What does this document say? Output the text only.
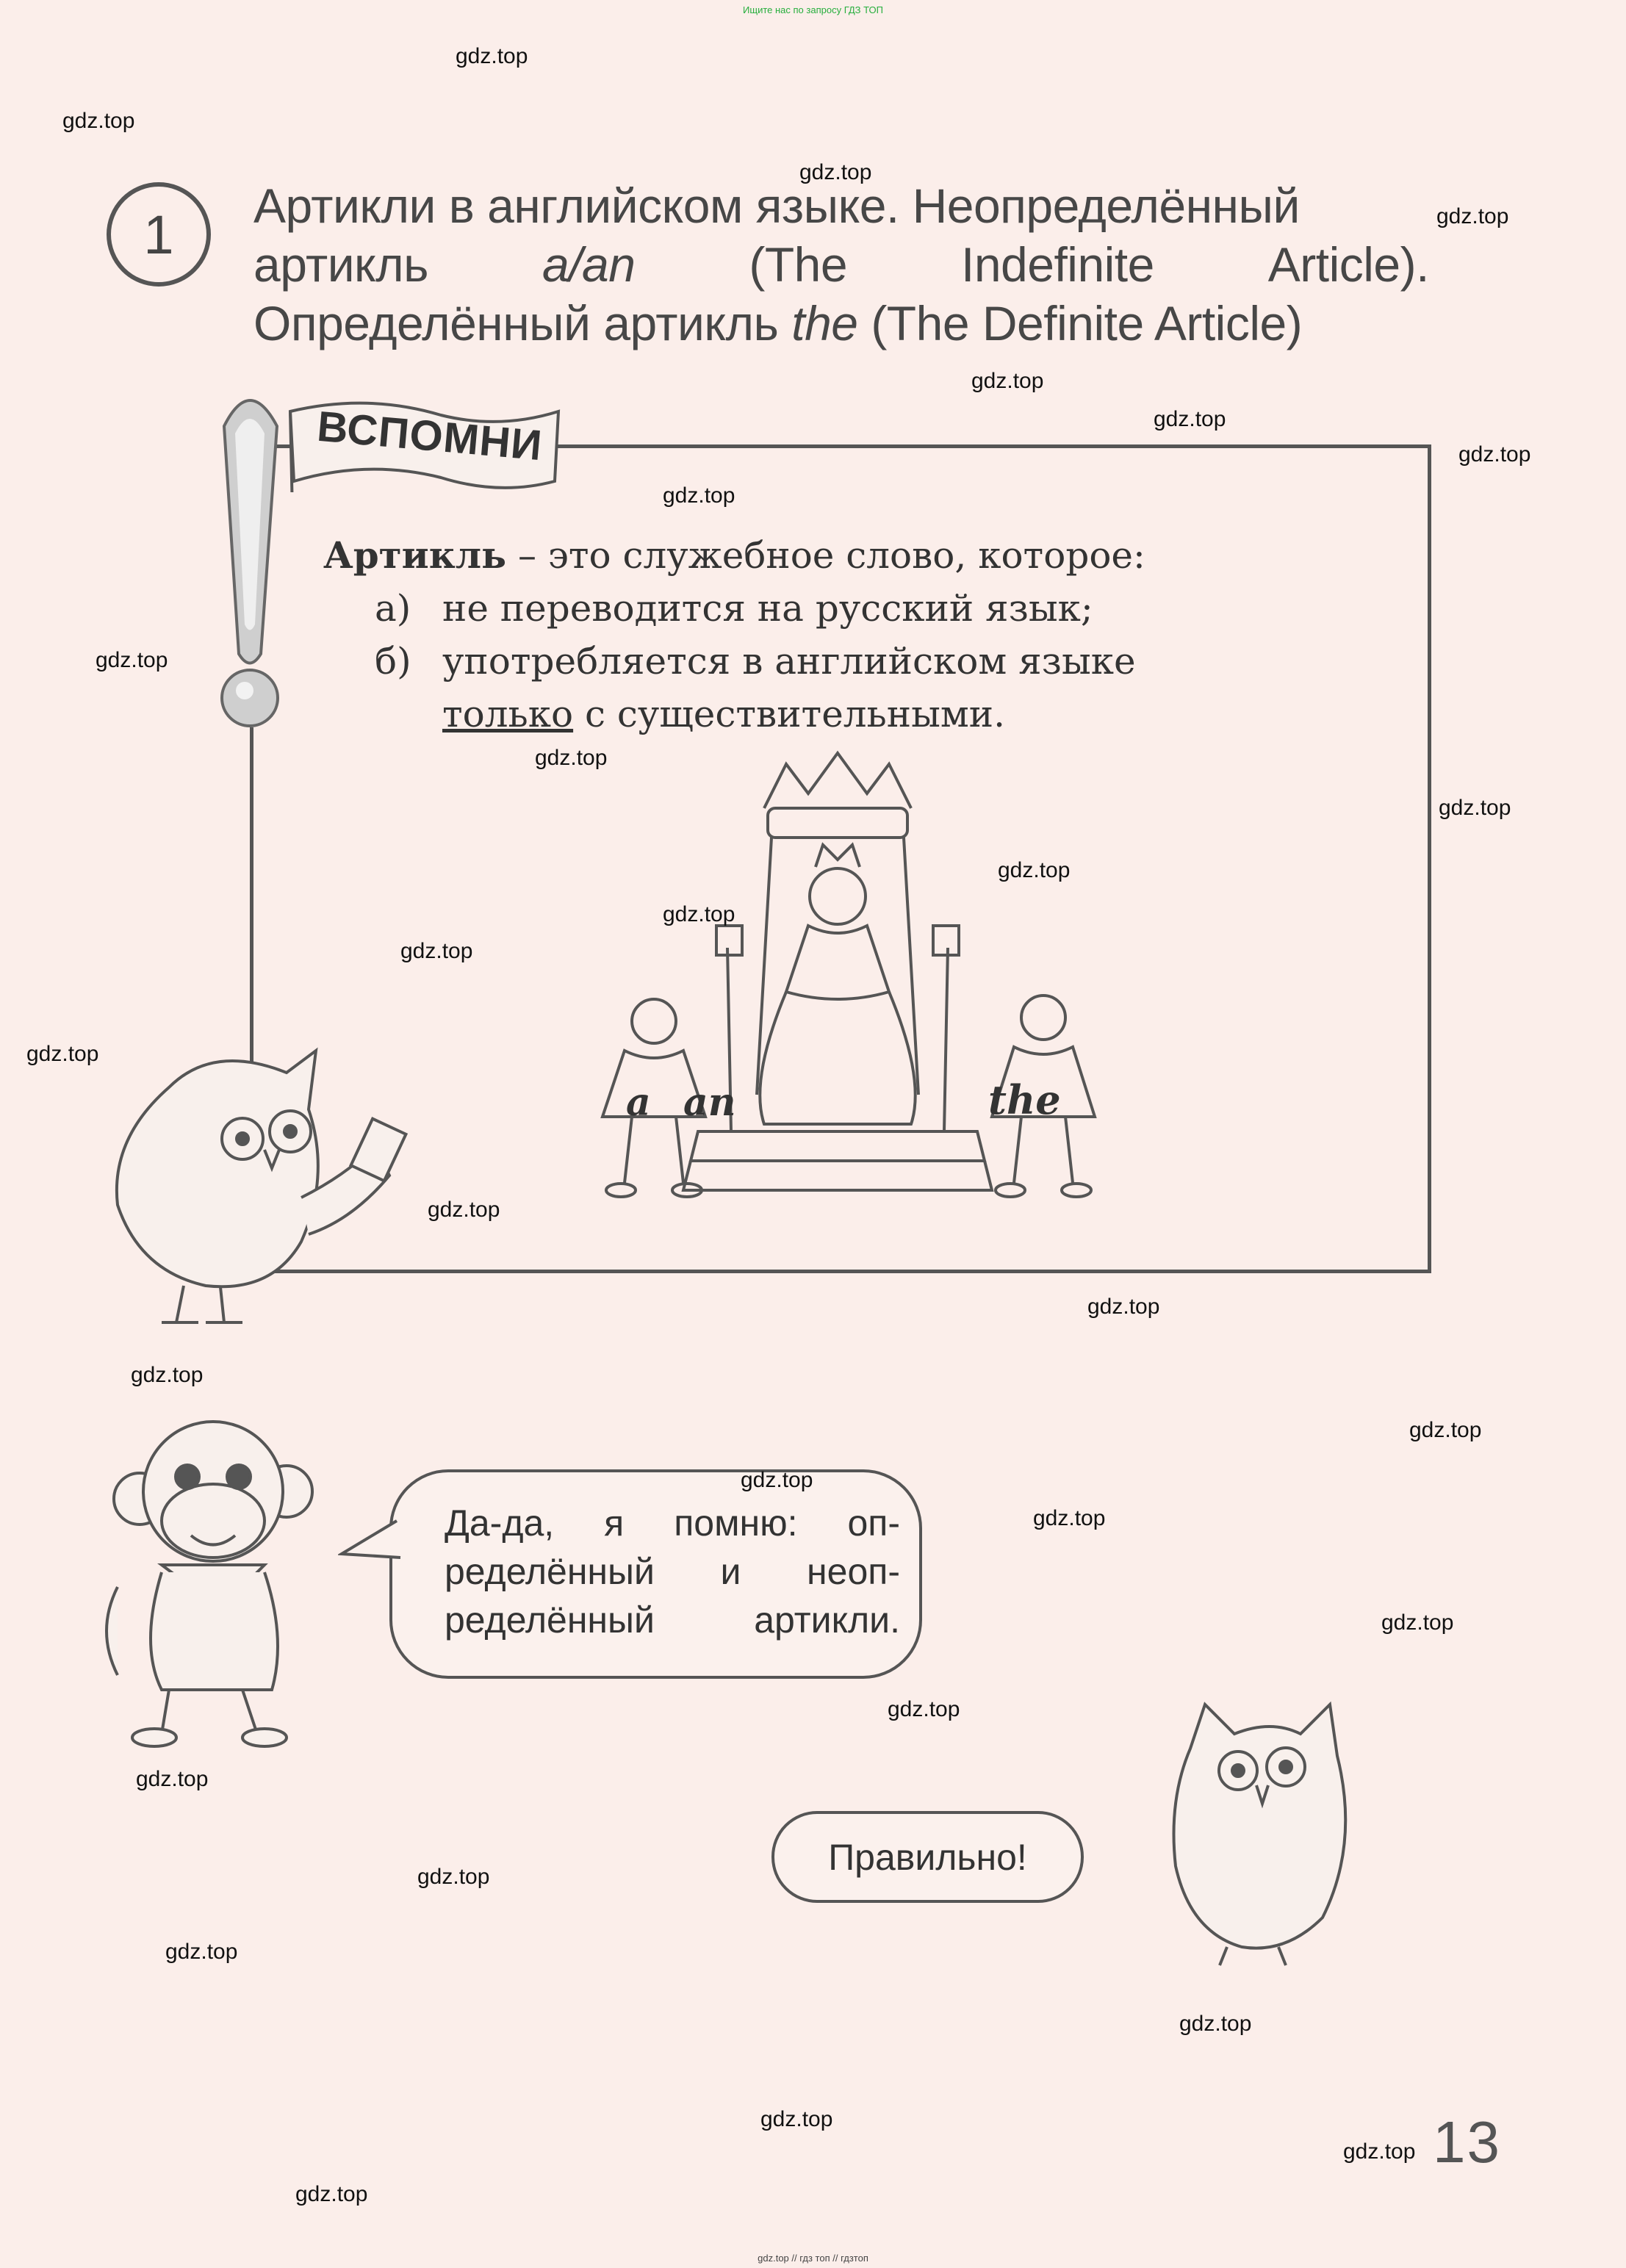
Ищите нас по запросу ГДЗ ТОП
1	Артикли в английском языке. Неопределённый
артикль a/an (The Indefinite Article).
Определённый артикль the (The Definite Article)
ВСПОМНИ
Артикль – это служебное слово, которое:
а) не переводится на русский язык;
б) употребляется в английском языке
только с существительными.
a an	the
Да-да, я помню: оп-
ределённый и неоп-
ределённый	артикли.
Правильно!
13
gdz.top
gdz.top
gdz.top
gdz.top
gdz.top
gdz.top
gdz.top
gdz.top
gdz.top
gdz.top
gdz.top
gdz.top
gdz.top
gdz.top
gdz.top
gdz.top
gdz.top
gdz.top
gdz.top
gdz.top
gdz.top
gdz.top
gdz.top
gdz.top
gdz.top
gdz.top
gdz.top
gdz.top
gdz.top
gdz.top
gdz.top // гдз топ // гдзтоп
